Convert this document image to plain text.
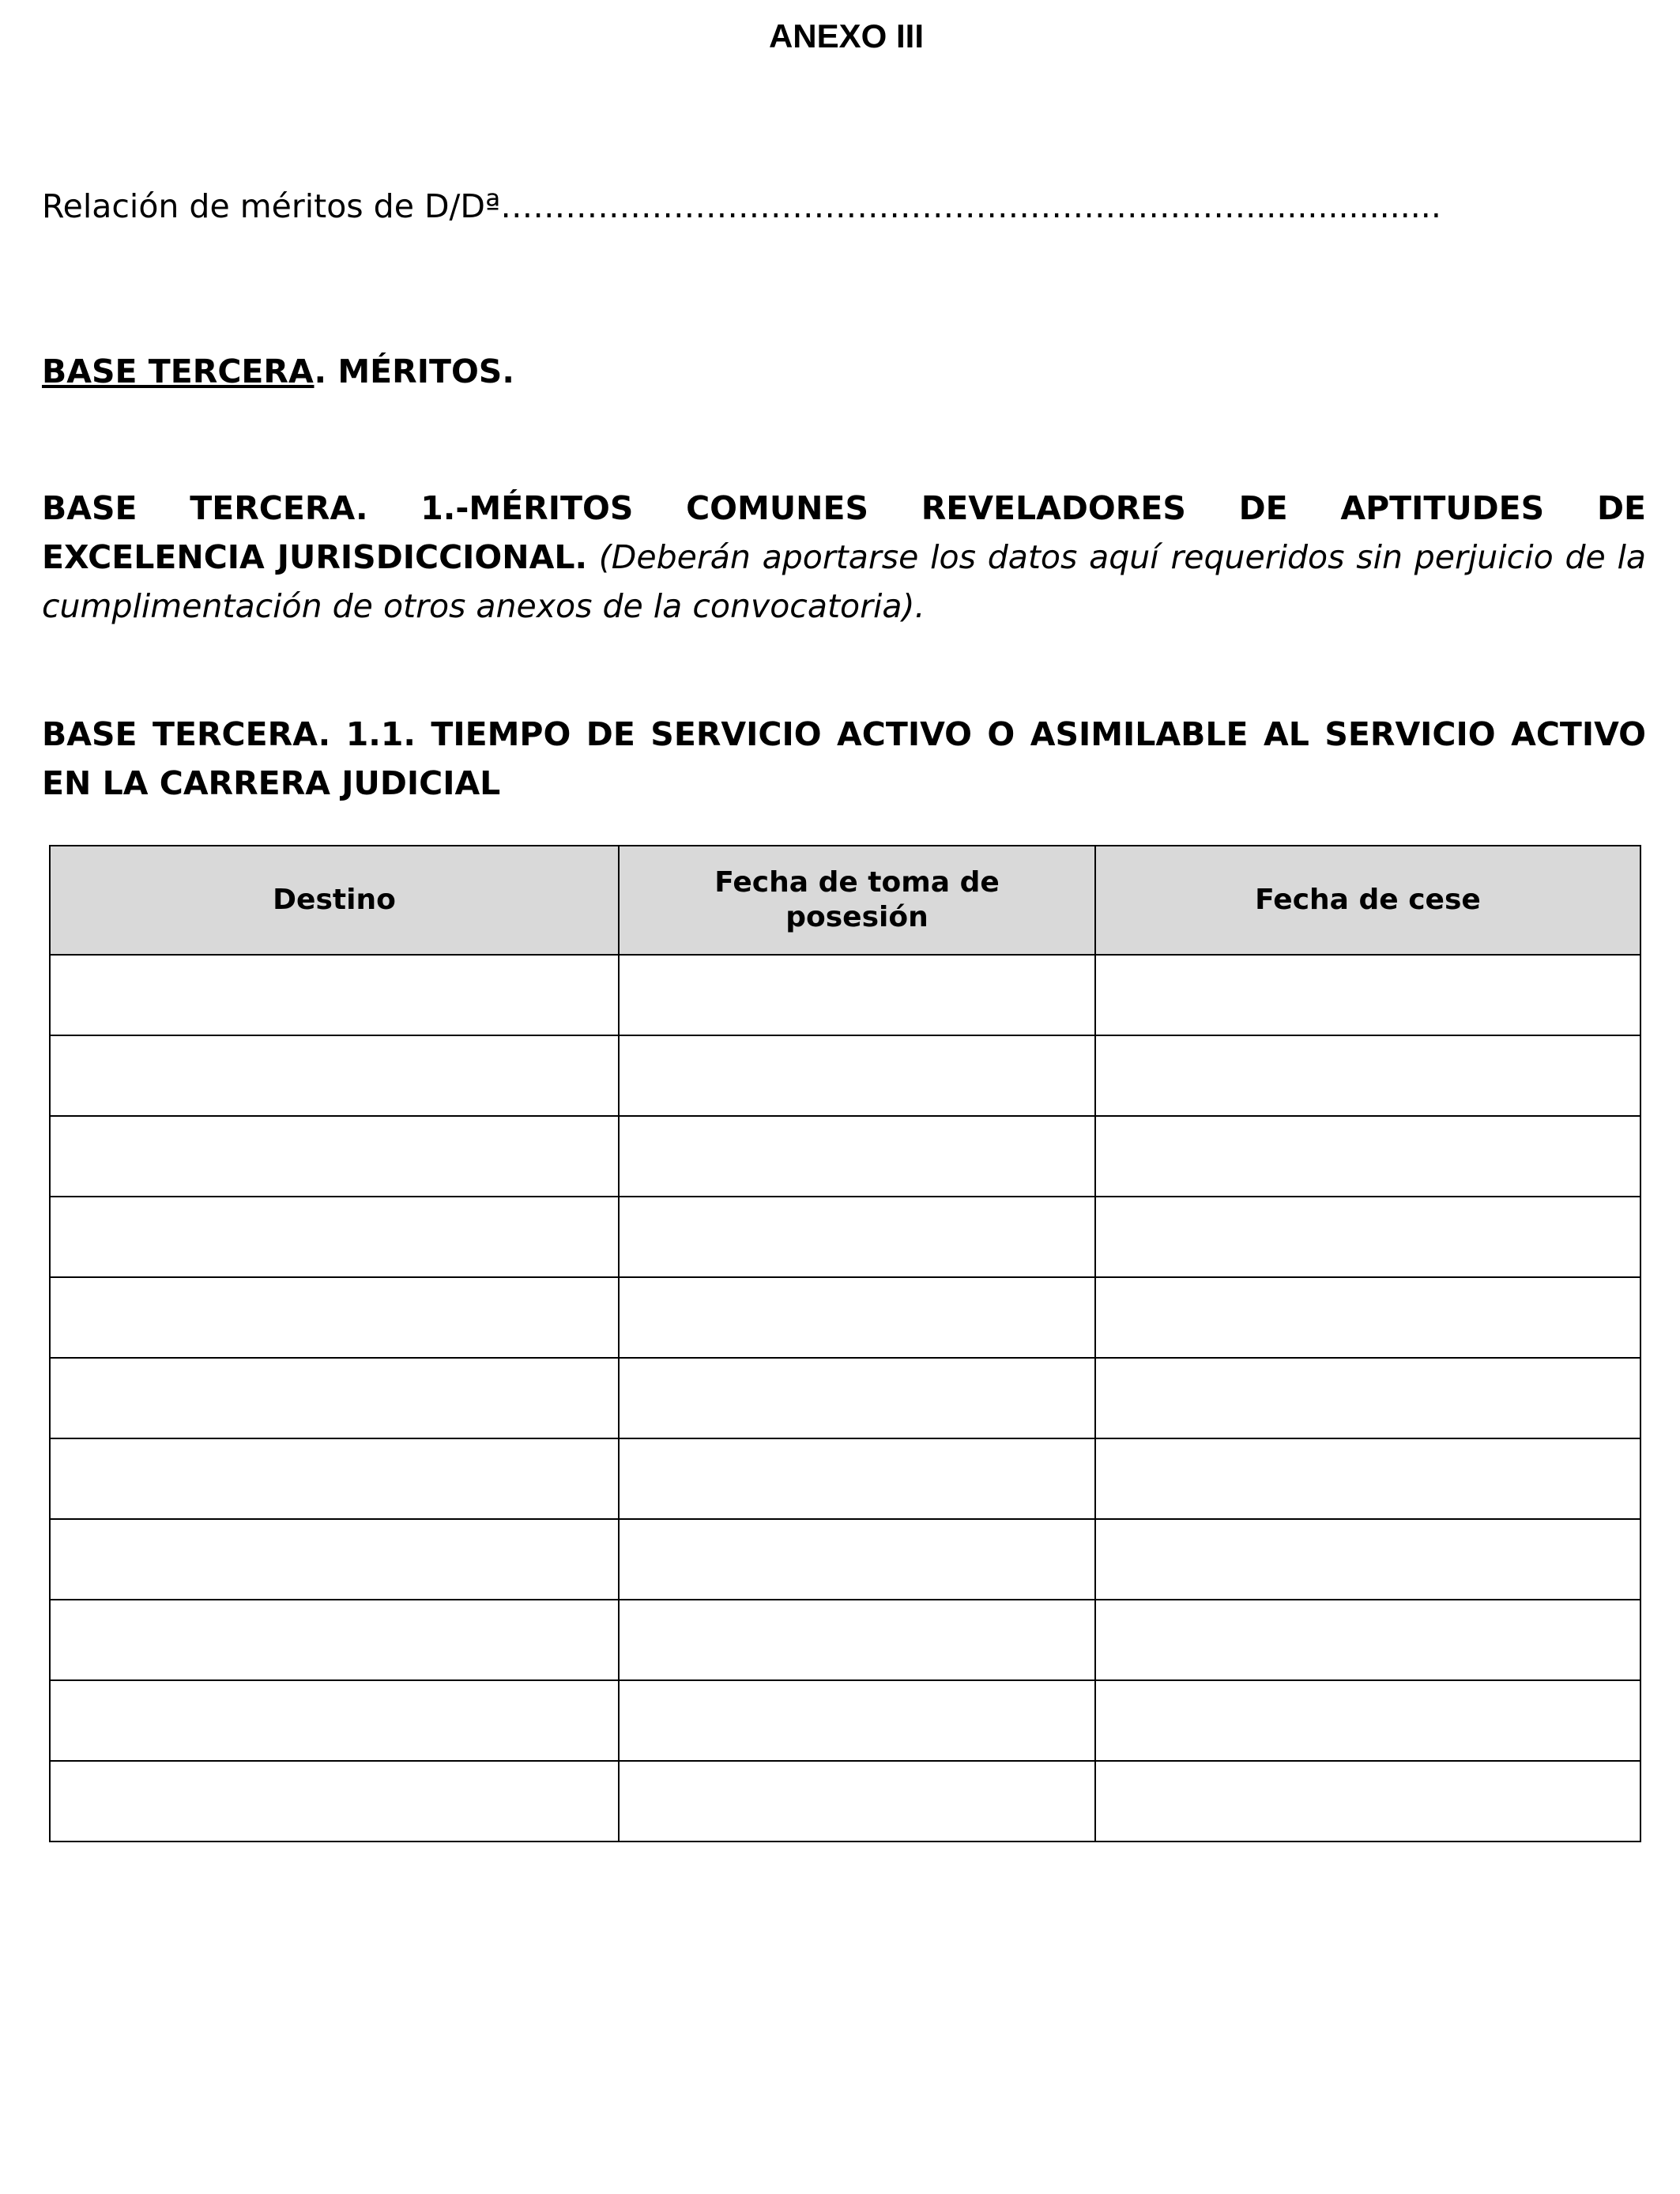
ANEXO III
Relación de méritos de D/Dª……………………………………………………………...................
BASE TERCERA. MÉRITOS.

BASE TERCERA. 1.-MÉRITOS COMUNES REVELADORES DE APTITUDES DE
EXCELENCIA JURISDICCIONAL. (Deberán aportarse los datos aquí requeridos sin perjuicio de la cumplimentación de otros anexos de la convocatoria).

BASE TERCERA. 1.1. TIEMPO DE SERVICIO ACTIVO O ASIMILABLE AL SERVICIO ACTIVO EN LA CARRERA JUDICIAL

Destino	Fecha de toma de posesión	Fecha de cese
